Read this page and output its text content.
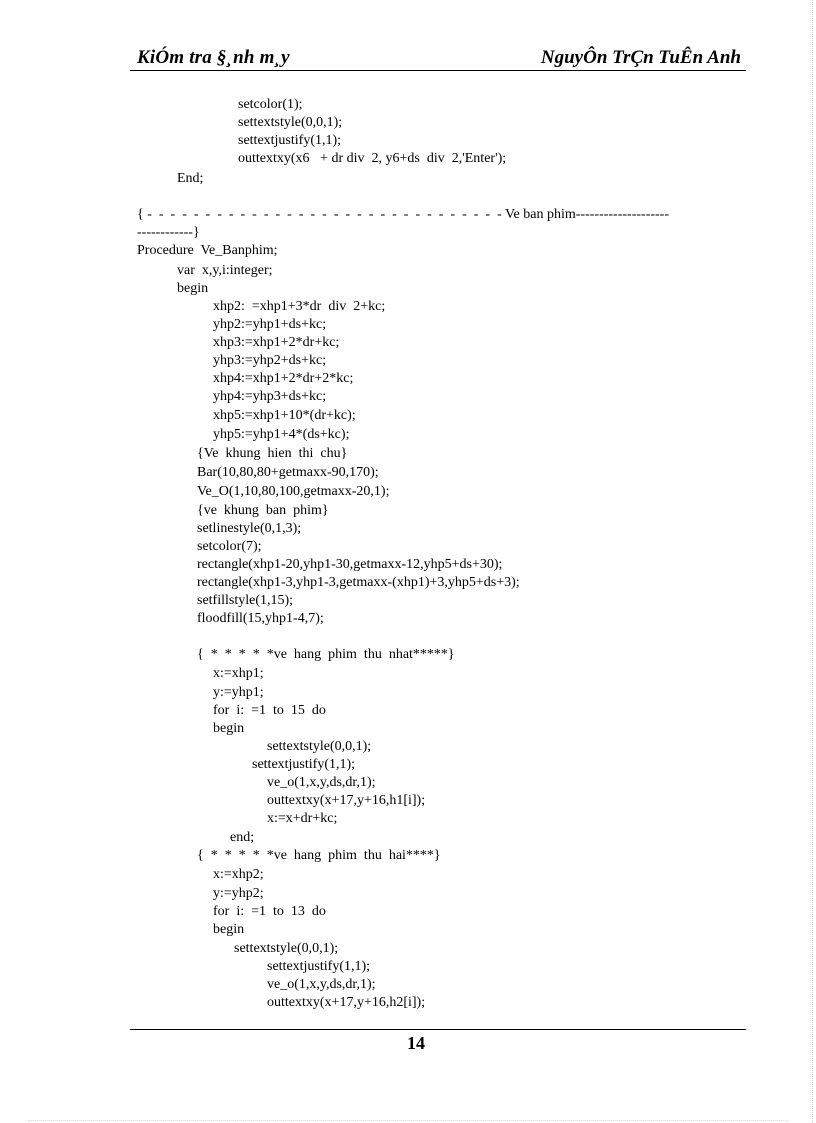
KiÓm tra §¸nh m¸y	NguyÔn TrÇn TuÊn Anh
setcolor(1);
settextstyle(0,0,1);
settextjustify(1,1);
outtextxy(x6   + dr div  2, y6+ds  div  2,'Enter');
End;
{ -  -  -  -  -  -  -  -  -  -  -  -  -  -  -  -  -  -  -  -  -  -  -  -  -  -  -  -  -  -  - Ve ban phim--------------------
------------}
Procedure  Ve_Banphim;
var  x,y,i:integer;
begin
xhp2:  =xhp1+3*dr  div  2+kc;
yhp2:=yhp1+ds+kc;
xhp3:=xhp1+2*dr+kc;
yhp3:=yhp2+ds+kc;
xhp4:=xhp1+2*dr+2*kc;
yhp4:=yhp3+ds+kc;
xhp5:=xhp1+10*(dr+kc);
yhp5:=yhp1+4*(ds+kc);
{Ve  khung  hien  thi  chu}
Bar(10,80,80+getmaxx-90,170);
Ve_O(1,10,80,100,getmaxx-20,1);
{ve  khung  ban  phim}
setlinestyle(0,1,3);
setcolor(7);
rectangle(xhp1-20,yhp1-30,getmaxx-12,yhp5+ds+30);
rectangle(xhp1-3,yhp1-3,getmaxx-(xhp1)+3,yhp5+ds+3);
setfillstyle(1,15);
floodfill(15,yhp1-4,7);
{  *  *  *  *  *ve  hang  phim  thu  nhat*****}
x:=xhp1;
y:=yhp1;
for  i:  =1  to  15  do
begin
settextstyle(0,0,1);
settextjustify(1,1);
ve_o(1,x,y,ds,dr,1);
outtextxy(x+17,y+16,h1[i]);
x:=x+dr+kc;
end;
{  *  *  *  *  *ve  hang  phim  thu  hai****}
x:=xhp2;
y:=yhp2;
for  i:  =1  to  13  do
begin
settextstyle(0,0,1);
settextjustify(1,1);
ve_o(1,x,y,ds,dr,1);
outtextxy(x+17,y+16,h2[i]);
14
